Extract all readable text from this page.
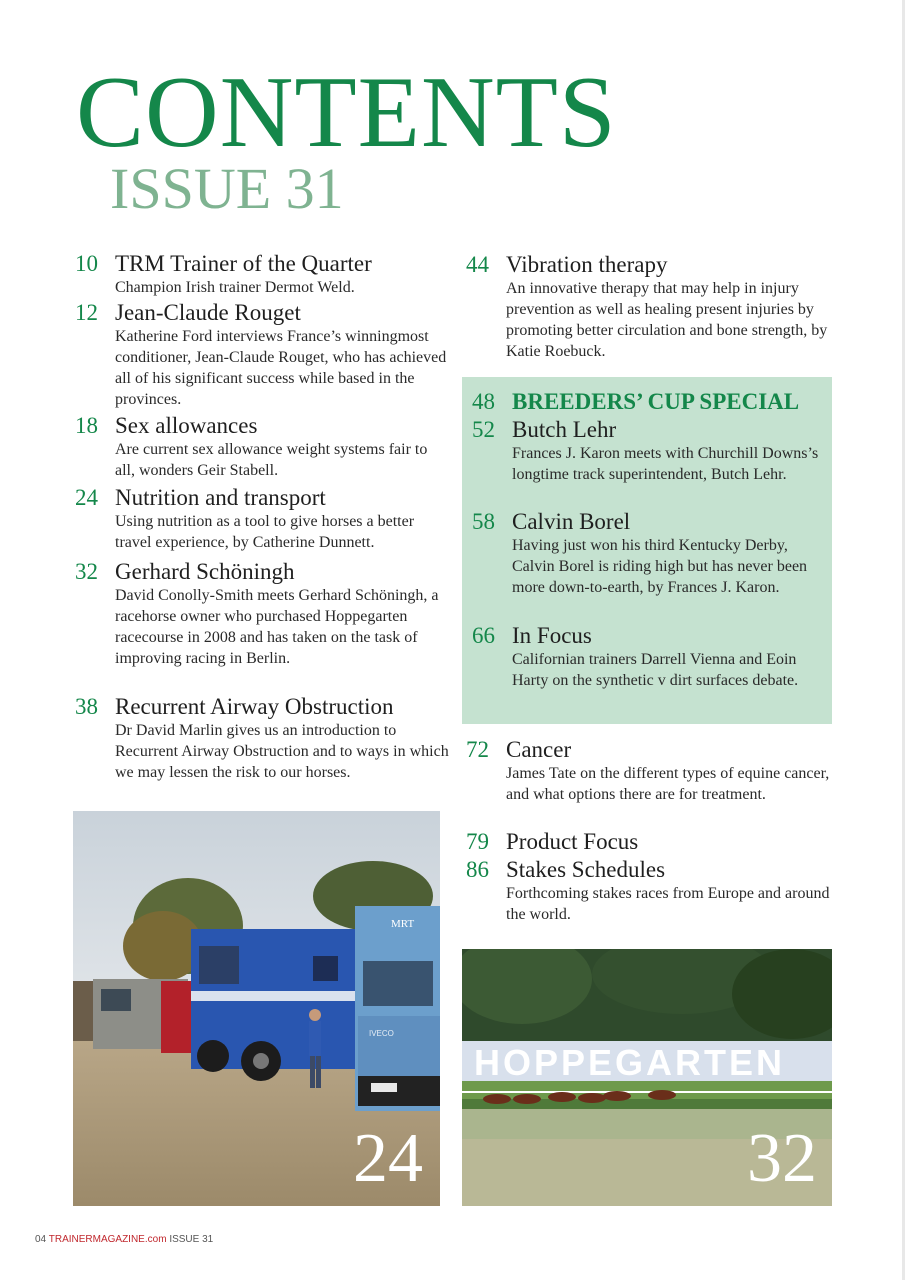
CONTENTS
ISSUE 31
10 TRM Trainer of the Quarter
Champion Irish trainer Dermot Weld.
12 Jean-Claude Rouget
Katherine Ford interviews France’s winningmost conditioner, Jean-Claude Rouget, who has achieved all of his significant success while based in the provinces.
18 Sex allowances
Are current sex allowance weight systems fair to all, wonders Geir Stabell.
24 Nutrition and transport
Using nutrition as a tool to give horses a better travel experience, by Catherine Dunnett.
32 Gerhard Schöningh
David Conolly-Smith meets Gerhard Schöningh, a racehorse owner who purchased Hoppegarten racecourse in 2008 and has taken on the task of improving racing in Berlin.
38 Recurrent Airway Obstruction
Dr David Marlin gives us an introduction to Recurrent Airway Obstruction and to ways in which we may lessen the risk to our horses.
44 Vibration therapy
An innovative therapy that may help in injury prevention as well as healing present injuries by promoting better circulation and bone strength, by Katie Roebuck.
48 BREEDERS’ CUP SPECIAL
52 Butch Lehr
Frances J. Karon meets with Churchill Downs’s longtime track superintendent, Butch Lehr.
58 Calvin Borel
Having just won his third Kentucky Derby, Calvin Borel is riding high but has never been more down-to-earth, by Frances J. Karon.
66 In Focus
Californian trainers Darrell Vienna and Eoin Harty on the synthetic v dirt surfaces debate.
72 Cancer
James Tate on the different types of equine cancer, and what options there are for treatment.
79 Product Focus
86 Stakes Schedules
Forthcoming stakes races from Europe and around the world.
IVECO
MRT
24
HOPPEGARTEN
32
04 TRAINERMAGAZINE.com ISSUE 31
